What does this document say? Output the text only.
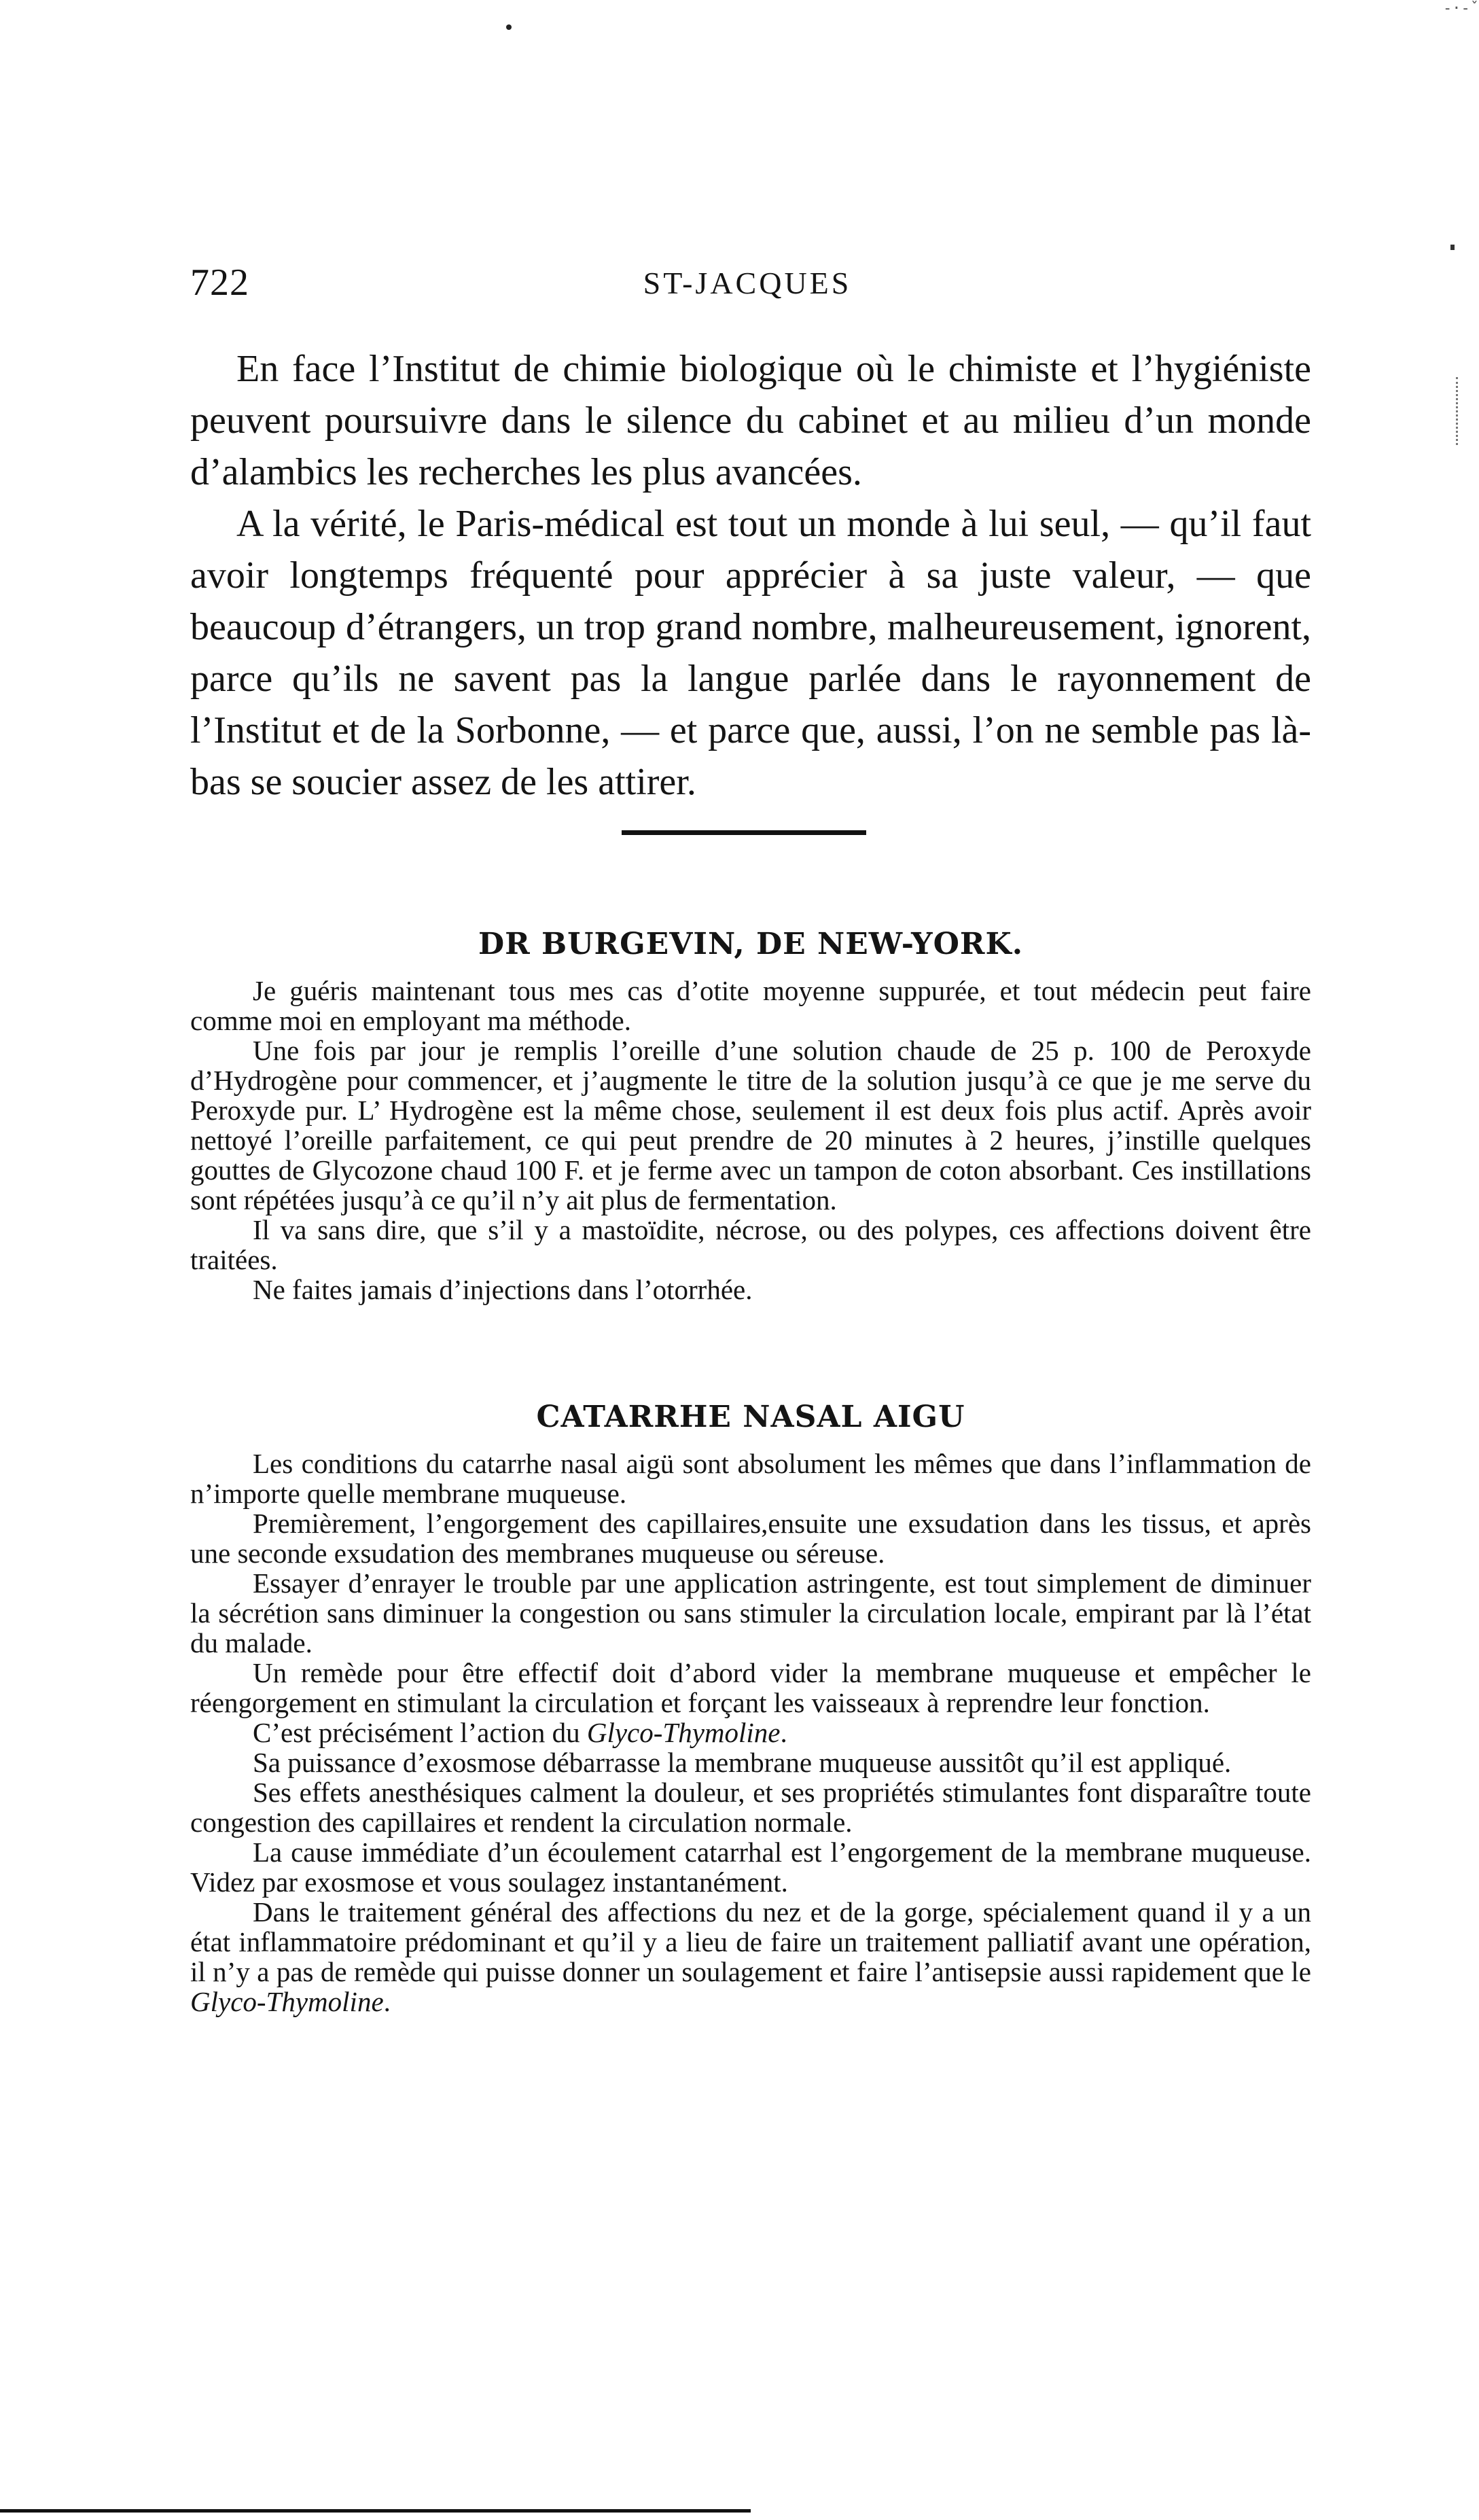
-·-ˇ
722	ST-JACQUES

En face l’Institut de chimie biologique où le chimiste et l’hygiéniste peuvent poursuivre dans le silence du cabinet et au milieu d’un monde d’alambics les recherches les plus avancées.

A la vérité, le Paris-médical est tout un monde à lui seul, — qu’il faut avoir longtemps fréquenté pour apprécier à sa juste valeur, — que beaucoup d’étrangers, un trop grand nombre, malheureusement, ignorent, parce qu’ils ne savent pas la langue parlée dans le rayonnement de l’Institut et de la Sorbonne, — et parce que, aussi, l’on ne semble pas là-bas se soucier assez de les attirer.

DR BURGEVIN, DE NEW-YORK.

Je guéris maintenant tous mes cas d’otite moyenne suppurée, et tout médecin peut faire comme moi en employant ma méthode.

Une fois par jour je remplis l’oreille d’une solution chaude de 25 p. 100 de Peroxyde d’Hydrogène pour commencer, et j’augmente le titre de la solution jusqu’à ce que je me serve du Peroxyde pur. L’ Hydrogène est la même chose, seulement il est deux fois plus actif. Après avoir nettoyé l’oreille parfaitement, ce qui peut prendre de 20 minutes à 2 heures, j’instille quelques gouttes de Glycozone chaud 100 F. et je ferme avec un tampon de coton absorbant. Ces instillations sont répétées jusqu’à ce qu’il n’y ait plus de fermentation.

Il va sans dire, que s’il y a mastoïdite, nécrose, ou des polypes, ces affections doivent être traitées.

Ne faites jamais d’injections dans l’otorrhée.

CATARRHE NASAL AIGU

Les conditions du catarrhe nasal aigü sont absolument les mêmes que dans l’inflammation de n’importe quelle membrane muqueuse.

Premièrement, l’engorgement des capillaires,ensuite une exsudation dans les tissus, et après une seconde exsudation des membranes muqueuse ou séreuse.

Essayer d’enrayer le trouble par une application astringente, est tout simplement de diminuer la sécrétion sans diminuer la congestion ou sans stimuler la circulation locale, empirant par là l’état du malade.

Un remède pour être effectif doit d’abord vider la membrane muqueuse et empêcher le réengorgement en stimulant la circulation et forçant les vaisseaux à reprendre leur fonction.

C’est précisément l’action du Glyco-Thymoline.

Sa puissance d’exosmose débarrasse la membrane muqueuse aussitôt qu’il est appliqué.

Ses effets anesthésiques calment la douleur, et ses propriétés stimulantes font disparaître toute congestion des capillaires et rendent la circulation normale.

La cause immédiate d’un écoulement catarrhal est l’engorgement de la membrane muqueuse. Videz par exosmose et vous soulagez instantanément.

Dans le traitement général des affections du nez et de la gorge, spécialement quand il y a un état inflammatoire prédominant et qu’il y a lieu de faire un traitement palliatif avant une opération, il n’y a pas de remède qui puisse donner un soulagement et faire l’antisepsie aussi rapidement que le Glyco-Thymoline.
